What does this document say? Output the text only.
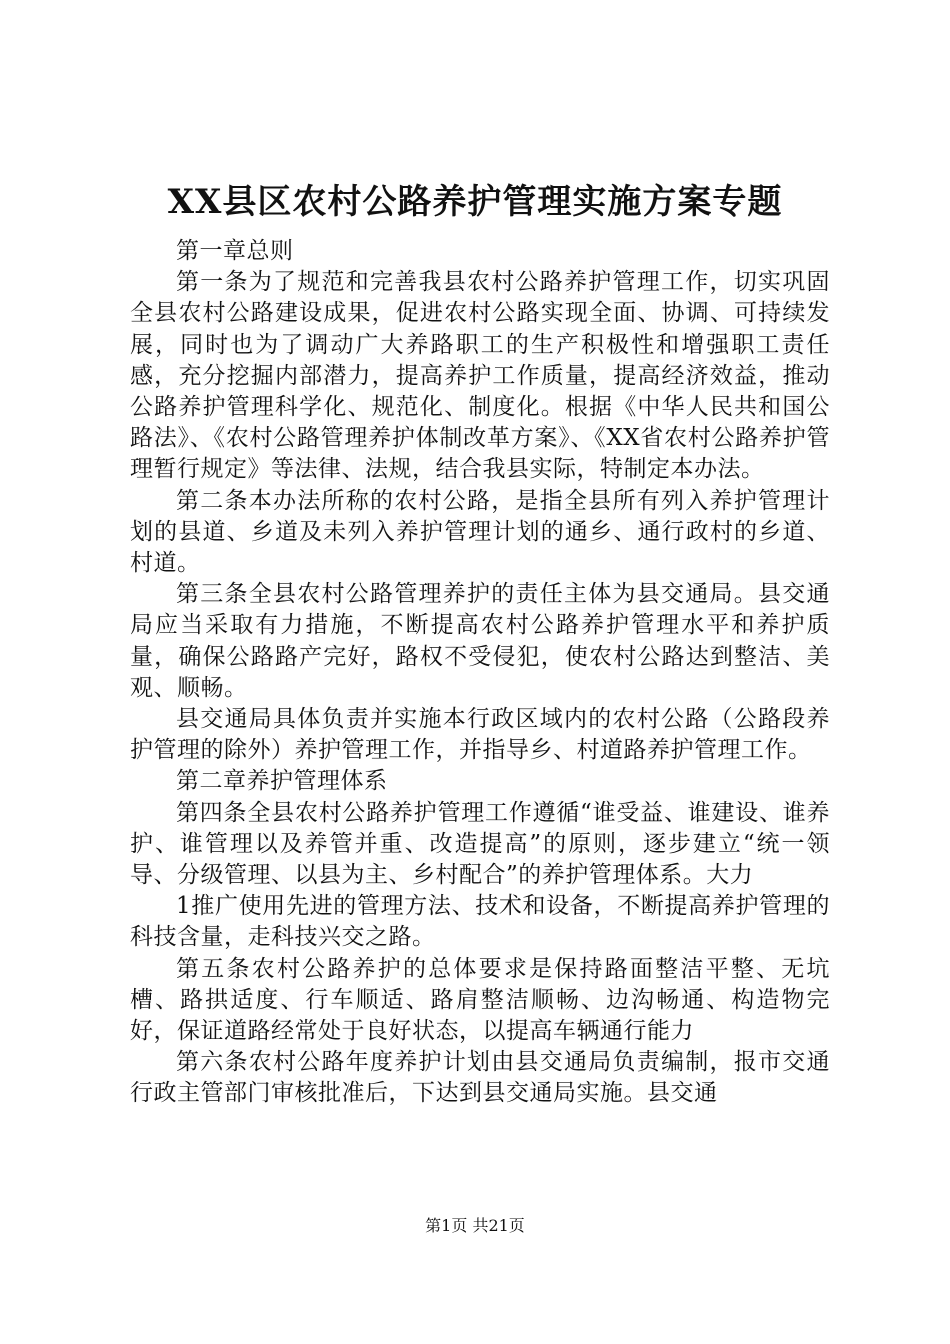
XX县区农村公路养护管理实施方案专题

第一章总则

第一条为了规范和完善我县农村公路养护管理工作，切实巩固全县农村公路建设成果，促进农村公路实现全面、协调、可持续发展，同时也为了调动广大养路职工的生产积极性和增强职工责任感，充分挖掘内部潜力，提高养护工作质量，提高经济效益，推动公路养护管理科学化、规范化、制度化。根据《中华人民共和国公路法》、《农村公路管理养护体制改革方案》、《XX省农村公路养护管理暂行规定》等法律、法规，结合我县实际，特制定本办法。

第二条本办法所称的农村公路，是指全县所有列入养护管理计划的县道、乡道及未列入养护管理计划的通乡、通行政村的乡道、村道。

第三条全县农村公路管理养护的责任主体为县交通局。县交通局应当采取有力措施，不断提高农村公路养护管理水平和养护质量，确保公路路产完好，路权不受侵犯，使农村公路达到整洁、美观、顺畅。

县交通局具体负责并实施本行政区域内的农村公路（公路段养护管理的除外）养护管理工作，并指导乡、村道路养护管理工作。

第二章养护管理体系

第四条全县农村公路养护管理工作遵循“谁受益、谁建设、谁养护、谁管理以及养管并重、改造提高”的原则，逐步建立“统一领导、分级管理、以县为主、乡村配合”的养护管理体系。大力

1推广使用先进的管理方法、技术和设备，不断提高养护管理的科技含量，走科技兴交之路。

第五条农村公路养护的总体要求是保持路面整洁平整、无坑槽、路拱适度、行车顺适、路肩整洁顺畅、边沟畅通、构造物完好，保证道路经常处于良好状态，以提高车辆通行能力

第六条农村公路年度养护计划由县交通局负责编制，报市交通行政主管部门审核批准后，下达到县交通局实施。县交通

第1页 共21页
